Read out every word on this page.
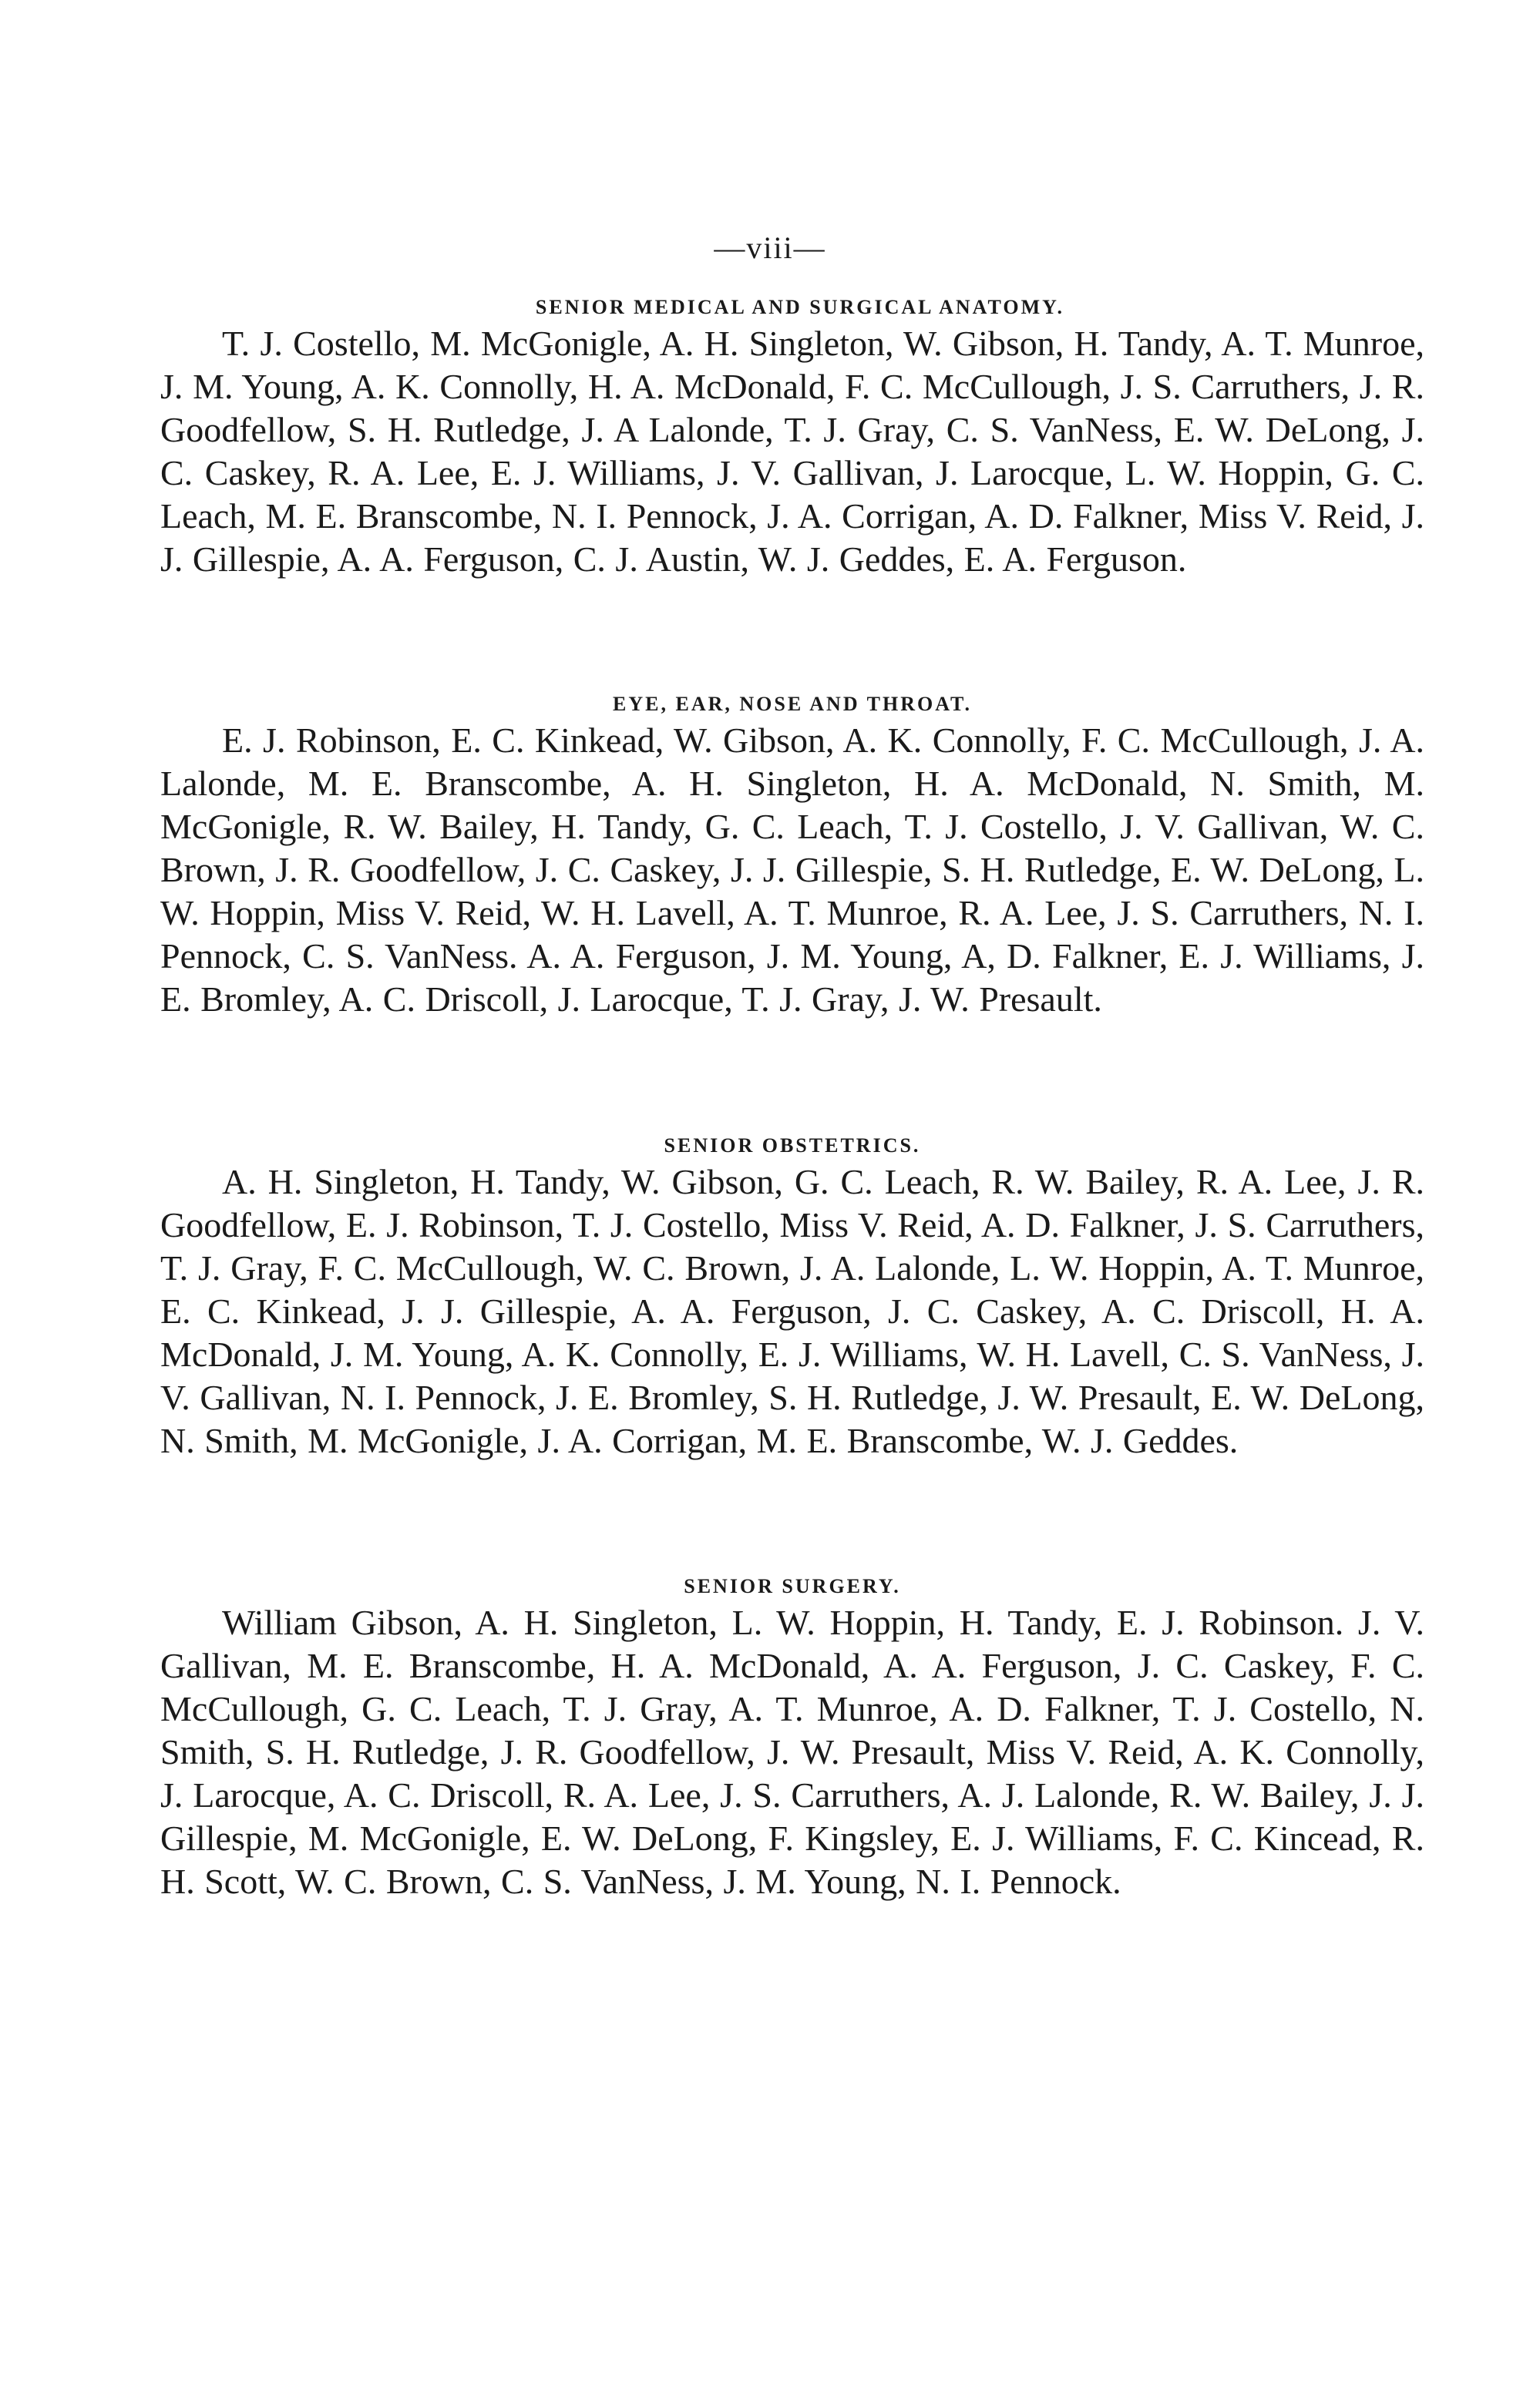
—viii—
SENIOR MEDICAL AND SURGICAL ANATOMY.

T. J. Costello, M. McGonigle, A. H. Singleton, W. Gibson, H. Tandy, A. T. Munroe, J. M. Young, A. K. Connolly, H. A. McDonald, F. C. McCullough, J. S. Carruthers, J. R. Goodfellow, S. H. Rutledge, J. A Lalonde, T. J. Gray, C. S. VanNess, E. W. DeLong, J. C. Caskey, R. A. Lee, E. J. Williams, J. V. Gallivan, J. Larocque, L. W. Hoppin, G. C. Leach, M. E. Branscombe, N. I. Pennock, J. A. Corrigan, A. D. Falkner, Miss V. Reid, J. J. Gillespie, A. A. Ferguson, C. J. Austin, W. J. Geddes, E. A. Ferguson.

EYE, EAR, NOSE AND THROAT.

E. J. Robinson, E. C. Kinkead, W. Gibson, A. K. Connolly, F. C. McCullough, J. A. Lalonde, M. E. Branscombe, A. H. Singleton, H. A. McDonald, N. Smith, M. McGonigle, R. W. Bailey, H. Tandy, G. C. Leach, T. J. Costello, J. V. Gallivan, W. C. Brown, J. R. Goodfellow, J. C. Caskey, J. J. Gillespie, S. H. Rutledge, E. W. DeLong, L. W. Hoppin, Miss V. Reid, W. H. Lavell, A. T. Munroe, R. A. Lee, J. S. Carruthers, N. I. Pennock, C. S. VanNess. A. A. Ferguson, J. M. Young, A, D. Falkner, E. J. Williams, J. E. Bromley, A. C. Driscoll, J. Larocque, T. J. Gray, J. W. Presault.

SENIOR OBSTETRICS.

A. H. Singleton, H. Tandy, W. Gibson, G. C. Leach, R. W. Bailey, R. A. Lee, J. R. Goodfellow, E. J. Robinson, T. J. Costello, Miss V. Reid, A. D. Falkner, J. S. Carruthers, T. J. Gray, F. C. McCullough, W. C. Brown, J. A. Lalonde, L. W. Hoppin, A. T. Munroe, E. C. Kinkead, J. J. Gillespie, A. A. Ferguson, J. C. Caskey, A. C. Driscoll, H. A. McDonald, J. M. Young, A. K. Connolly, E. J. Williams, W. H. Lavell, C. S. VanNess, J. V. Gallivan, N. I. Pennock, J. E. Bromley, S. H. Rutledge, J. W. Presault, E. W. DeLong, N. Smith, M. McGonigle, J. A. Corrigan, M. E. Branscombe, W. J. Geddes.

SENIOR SURGERY.

William Gibson, A. H. Singleton, L. W. Hoppin, H. Tandy, E. J. Robinson. J. V. Gallivan, M. E. Branscombe, H. A. McDonald, A. A. Ferguson, J. C. Caskey, F. C. McCullough, G. C. Leach, T. J. Gray, A. T. Munroe, A. D. Falkner, T. J. Costello, N. Smith, S. H. Rutledge, J. R. Goodfellow, J. W. Presault, Miss V. Reid, A. K. Connolly, J. Larocque, A. C. Driscoll, R. A. Lee, J. S. Carruthers, A. J. Lalonde, R. W. Bailey, J. J. Gillespie, M. McGonigle, E. W. DeLong, F. Kingsley, E. J. Williams, F. C. Kincead, R. H. Scott, W. C. Brown, C. S. VanNess, J. M. Young, N. I. Pennock.
